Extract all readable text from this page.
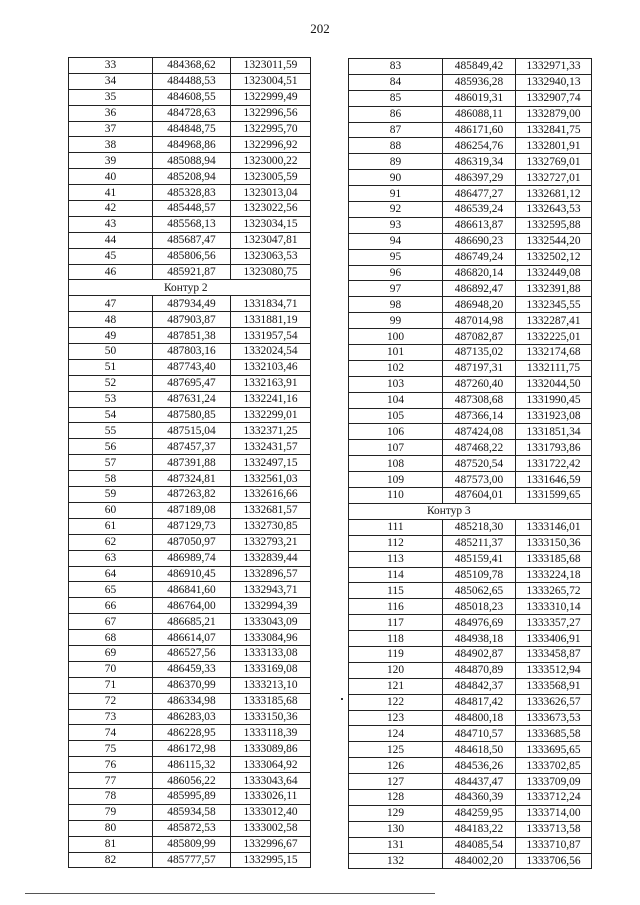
202
33	484368,62	1323011,59
34	484488,53	1323004,51
35	484608,55	1322999,49
36	484728,63	1322996,56
37	484848,75	1322995,70
38	484968,86	1322996,92
39	485088,94	1323000,22
40	485208,94	1323005,59
41	485328,83	1323013,04
42	485448,57	1323022,56
43	485568,13	1323034,15
44	485687,47	1323047,81
45	485806,56	1323063,53
46	485921,87	1323080,75
Контур 2		
47	487934,49	1331834,71
48	487903,87	1331881,19
49	487851,38	1331957,54
50	487803,16	1332024,54
51	487743,40	1332103,46
52	487695,47	1332163,91
53	487631,24	1332241,16
54	487580,85	1332299,01
55	487515,04	1332371,25
56	487457,37	1332431,57
57	487391,88	1332497,15
58	487324,81	1332561,03
59	487263,82	1332616,66
60	487189,08	1332681,57
61	487129,73	1332730,85
62	487050,97	1332793,21
63	486989,74	1332839,44
64	486910,45	1332896,57
65	486841,60	1332943,71
66	486764,00	1332994,39
67	486685,21	1333043,09
68	486614,07	1333084,96
69	486527,56	1333133,08
70	486459,33	1333169,08
71	486370,99	1333213,10
72	486334,98	1333185,68
73	486283,03	1333150,36
74	486228,95	1333118,39
75	486172,98	1333089,86
76	486115,32	1333064,92
77	486056,22	1333043,64
78	485995,89	1333026,11
79	485934,58	1333012,40
80	485872,53	1333002,58
81	485809,99	1332996,67
82	485777,57	1332995,15
83	485849,42	1332971,33
84	485936,28	1332940,13
85	486019,31	1332907,74
86	486088,11	1332879,00
87	486171,60	1332841,75
88	486254,76	1332801,91
89	486319,34	1332769,01
90	486397,29	1332727,01
91	486477,27	1332681,12
92	486539,24	1332643,53
93	486613,87	1332595,88
94	486690,23	1332544,20
95	486749,24	1332502,12
96	486820,14	1332449,08
97	486892,47	1332391,88
98	486948,20	1332345,55
99	487014,98	1332287,41
100	487082,87	1332225,01
101	487135,02	1332174,68
102	487197,31	1332111,75
103	487260,40	1332044,50
104	487308,68	1331990,45
105	487366,14	1331923,08
106	487424,08	1331851,34
107	487468,22	1331793,86
108	487520,54	1331722,42
109	487573,00	1331646,59
110	487604,01	1331599,65
Контур 3		
111	485218,30	1333146,01
112	485211,37	1333150,36
113	485159,41	1333185,68
114	485109,78	1333224,18
115	485062,65	1333265,72
116	485018,23	1333310,14
117	484976,69	1333357,27
118	484938,18	1333406,91
119	484902,87	1333458,87
120	484870,89	1333512,94
121	484842,37	1333568,91
122	484817,42	1333626,57
123	484800,18	1333673,53
124	484710,57	1333685,58
125	484618,50	1333695,65
126	484536,26	1333702,85
127	484437,47	1333709,09
128	484360,39	1333712,24
129	484259,95	1333714,00
130	484183,22	1333713,58
131	484085,54	1333710,87
132	484002,20	1333706,56
